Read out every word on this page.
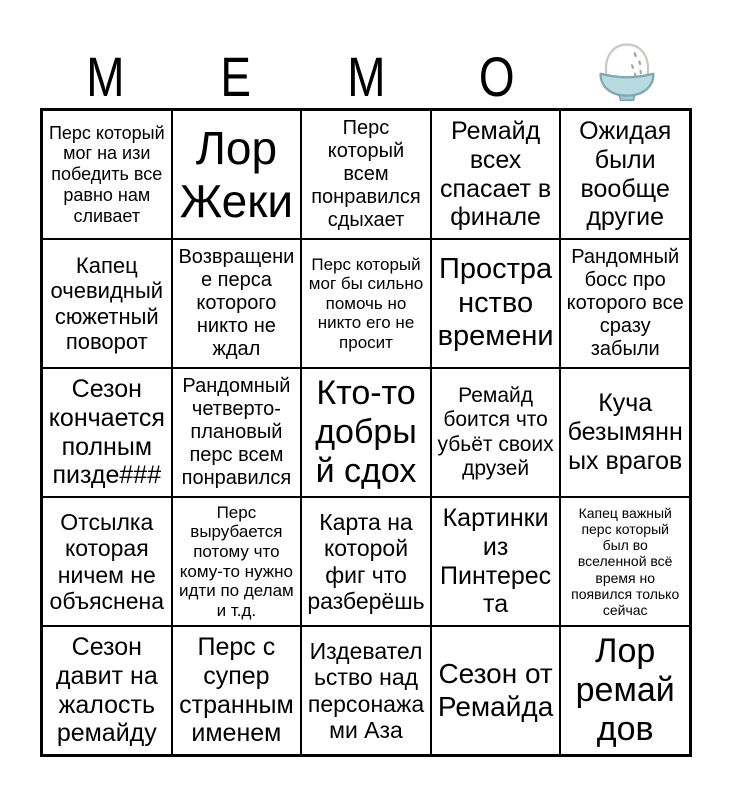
М Е М О
Перс который мог на изи победить все равно нам сливает
Лор Жеки
Перс который всем понравился сдыхает
Ремайд всех спасает в финале
Ожидая были вообще другие
Капец очевидный сюжетный поворот
Возвращение перса которого никто не ждал
Перс который мог бы сильно помочь но никто его не просит
Пространство времени
Рандомный босс про которого все сразу забыли
Сезон кончается полным пизде###
Рандомный четверто-плановый перс всем понравился
Кто-то добрый сдох
Ремайд боится что убьёт своих друзей
Куча безымянных врагов
Отсылка которая ничем не объяснена
Перс вырубается потому что кому-то нужно идти по делам и т.д.
Карта на которой фиг что разберёшь
Картинки из Пинтереста
Капец важный перс который был во вселенной всё время но появился только сейчас
Сезон давит на жалость ремайду
Перс с супер странным именем
Издевательство над персонажами Аза
Сезон от Ремайда
Лор ремайдов
